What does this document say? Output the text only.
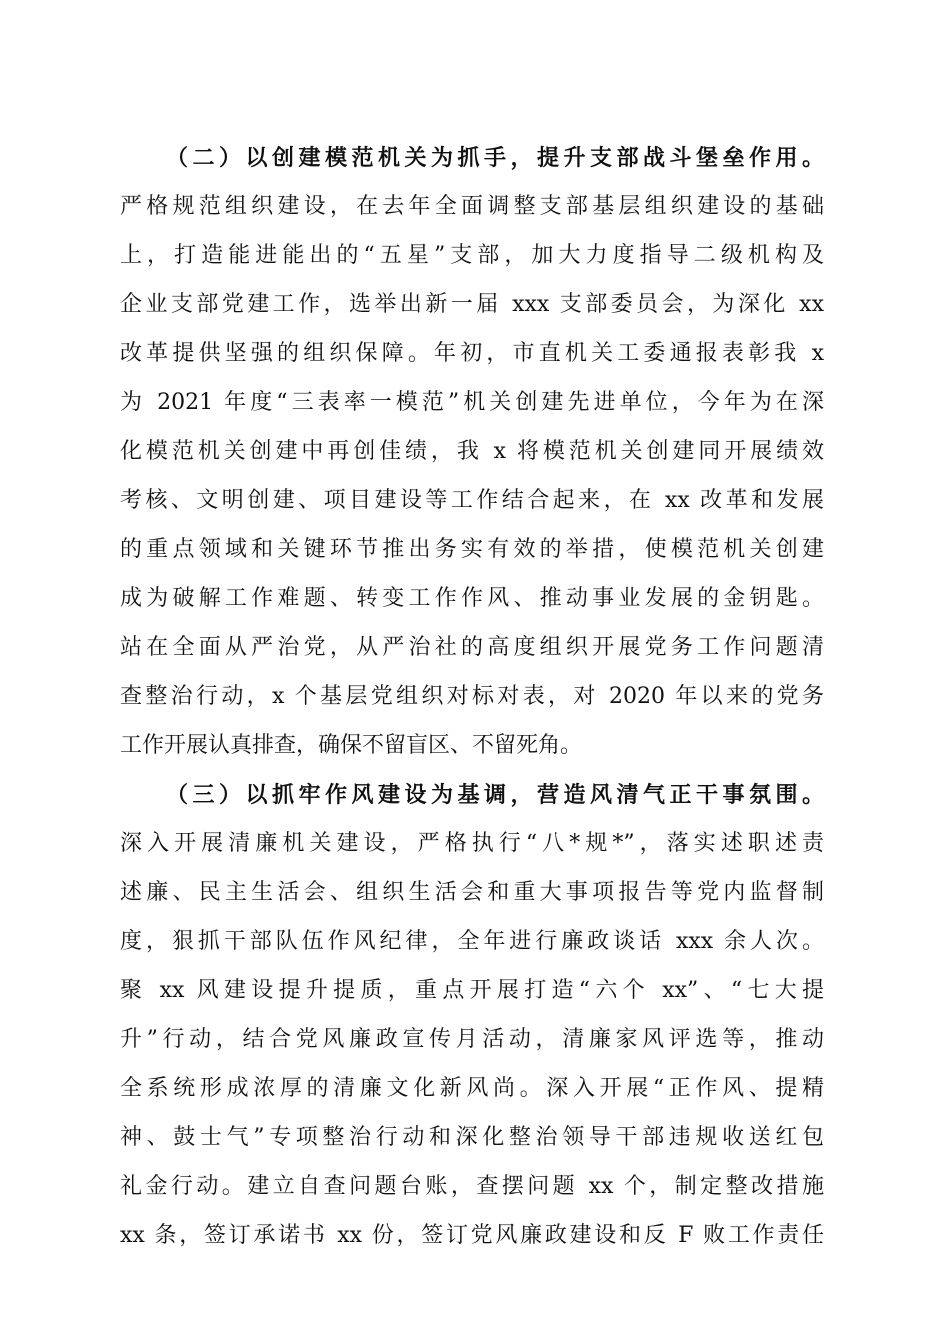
（二）以创建模范机关为抓手，提升支部战斗堡垒作用。
严格规范组织建设，在去年全面调整支部基层组织建设的基础
上，打造能进能出的“五星”支部，加大力度指导二级机构及
企业支部党建工作，选举出新一届 xxx 支部委员会，为深化 xx
改革提供坚强的组织保障。年初，市直机关工委通报表彰我 x
为 2021 年度“三表率一模范”机关创建先进单位，今年为在深
化模范机关创建中再创佳绩，我 x 将模范机关创建同开展绩效
考核、文明创建、项目建设等工作结合起来，在 xx 改革和发展
的重点领域和关键环节推出务实有效的举措，使模范机关创建
成为破解工作难题、转变工作作风、推动事业发展的金钥匙。
站在全面从严治党，从严治社的高度组织开展党务工作问题清
查整治行动，x 个基层党组织对标对表，对 2020 年以来的党务
工作开展认真排查，确保不留盲区、不留死角。
（三）以抓牢作风建设为基调，营造风清气正干事氛围。
深入开展清廉机关建设，严格执行“八*规*”，落实述职述责
述廉、民主生活会、组织生活会和重大事项报告等党内监督制
度，狠抓干部队伍作风纪律，全年进行廉政谈话 xxx 余人次。
聚 xx 风建设提升提质，重点开展打造“六个 xx”、“七大提
升”行动，结合党风廉政宣传月活动，清廉家风评选等，推动
全系统形成浓厚的清廉文化新风尚。深入开展“正作风、提精
神、鼓士气”专项整治行动和深化整治领导干部违规收送红包
礼金行动。建立自查问题台账，查摆问题 xx 个，制定整改措施
xx 条，签订承诺书 xx 份，签订党风廉政建设和反 F 败工作责任
